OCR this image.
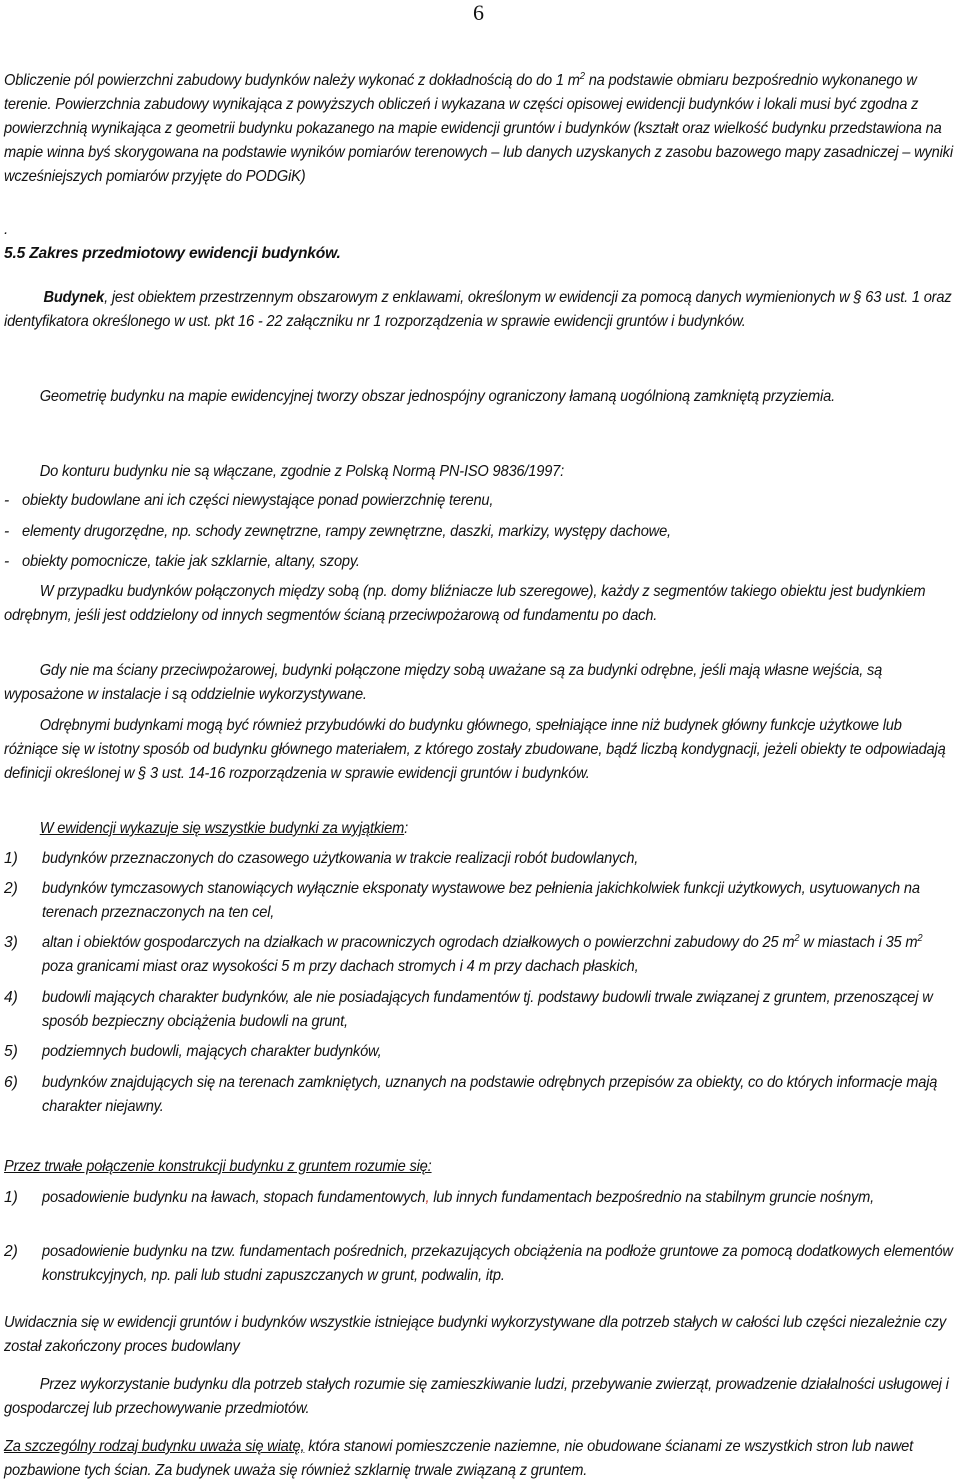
6

Obliczenie pól powierzchni zabudowy budynków należy wykonać z dokładnością do do 1 $m^2$ na podstawie obmiaru bezpośrednio wykonanego w terenie. Powierzchnia zabudowy wynikająca z powyższych obliczeń i wykazana w części opisowej ewidencji budynków i lokali musi być zgodna z powierzchnią wynikająca z geometrii budynku pokazanego na mapie ewidencji gruntów i budynków (kształt oraz wielkość budynku przedstawiona na mapie winna byś skorygowana na podstawie wyników pomiarów terenowych – lub danych uzyskanych z zasobu bazowego mapy zasadniczej – wyniki wcześniejszych pomiarów przyjęte do PODGiK)

.

5.5 Zakres przedmiotowy ewidencji budynków.

Budynek, jest obiektem przestrzennym obszarowym z enklawami, określonym w ewidencji za pomocą danych wymienionych w § 63 ust. 1 oraz identyfikatora określonego w ust. pkt 16 - 22 załączniku nr 1 rozporządzenia w sprawie ewidencji gruntów i budynków.

Geometrię budynku na mapie ewidencyjnej tworzy obszar jednospójny ograniczony łamaną uogólnioną zamkniętą przyziemia.

Do konturu budynku nie są włączane, zgodnie z Polską Normą PN-ISO 9836/1997:

- obiekty budowlane ani ich części niewystające ponad powierzchnię terenu,
- elementy drugorzędne, np. schody zewnętrzne, rampy zewnętrzne, daszki, markizy, występy dachowe,
- obiekty pomocnicze, takie jak szklarnie, altany, szopy.

W przypadku budynków połączonych między sobą (np. domy bliźniacze lub szeregowe), każdy z segmentów takiego obiektu jest budynkiem odrębnym, jeśli jest oddzielony od innych segmentów ścianą przeciwpożarową od fundamentu po dach.

Gdy nie ma ściany przeciwpożarowej, budynki połączone między sobą uważane są za budynki odrębne, jeśli mają własne wejścia, są wyposażone w instalacje i są oddzielnie wykorzystywane.

Odrębnymi budynkami mogą być również przybudówki do budynku głównego, spełniające inne niż budynek główny funkcje użytkowe lub różniące się w istotny sposób od budynku głównego materiałem, z którego zostały zbudowane, bądź liczbą kondygnacji, jeżeli obiekty te odpowiadają definicji określonej w § 3 ust. 14-16 rozporządzenia w sprawie ewidencji gruntów i budynków.

W ewidencji wykazuje się wszystkie budynki za wyjątkiem:

1) budynków przeznaczonych do czasowego użytkowania w trakcie realizacji robót budowlanych,
2) budynków tymczasowych stanowiących wyłącznie eksponaty wystawowe bez pełnienia jakichkolwiek funkcji użytkowych, usytuowanych na terenach przeznaczonych na ten cel,
3) altan i obiektów gospodarczych na działkach w pracowniczych ogrodach działkowych o powierzchni zabudowy do 25 $m^2$ w miastach i 35 $m^2$ poza granicami miast oraz wysokości 5 m przy dachach stromych i 4 m przy dachach płaskich,
4) budowli mających charakter budynków, ale nie posiadających fundamentów tj. podstawy budowli trwale związanej z gruntem, przenoszącej w sposób bezpieczny obciążenia budowli na grunt,
5) podziemnych budowli, mających charakter budynków,
6) budynków znajdujących się na terenach zamkniętych, uznanych na podstawie odrębnych przepisów za obiekty, co do których informacje mają charakter niejawny.

Przez trwałe połączenie konstrukcji budynku z gruntem rozumie się:

1) posadowienie budynku na ławach, stopach fundamentowych, lub innych fundamentach bezpośrednio na stabilnym gruncie nośnym,
2) posadowienie budynku na tzw. fundamentach pośrednich, przekazujących obciążenia na podłoże gruntowe za pomocą dodatkowych elementów konstrukcyjnych, np. pali lub studni zapuszczanych w grunt, podwalin, itp.

Uwidacznia się w ewidencji gruntów i budynków wszystkie istniejące budynki wykorzystywane dla potrzeb stałych w całości lub części niezależnie czy został zakończony proces budowlany

Przez wykorzystanie budynku dla potrzeb stałych rozumie się zamieszkiwanie ludzi, przebywanie zwierząt, prowadzenie działalności usługowej i gospodarczej lub przechowywanie przedmiotów.

Za szczególny rodzaj budynku uważa się wiatę, która stanowi pomieszczenie naziemne, nie obudowane ścianami ze wszystkich stron lub nawet pozbawione tych ścian. Za budynek uważa się również szklarnię trwale związaną z gruntem.
